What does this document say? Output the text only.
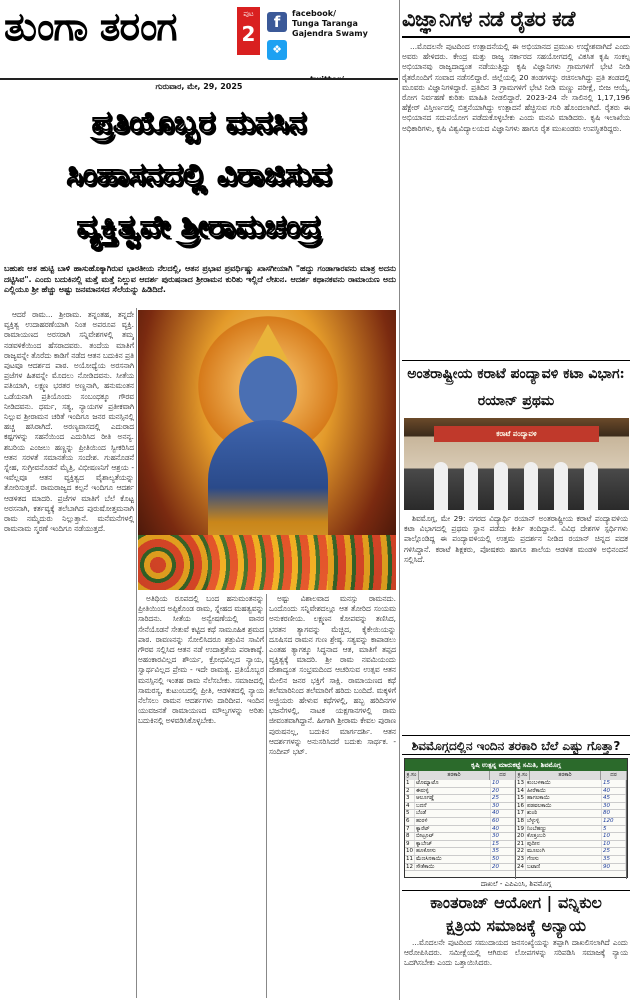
ತುಂಗಾ ತರಂಗ	ಪುಟ
2	f
❖
facebook/
Tunga Taranga Gajendra Swamy
ಗುರುವಾರ, ಮೇ, 29, 2025
ಪ್ರತಿಯೊಬ್ಬರ ಮನಸಿನ
ಸಿಂಹಾಸನದಲ್ಲಿ ವಿರಾಜಿಸುವ
ವ್ಯಕ್ತಿತ್ವವೇ ಶ್ರೀರಾಮಚಂದ್ರ
ಬಹುಶಃ ಆತ ಹುಟ್ಟಿ ಬಾಳಿ ಹಾಸುಹೊಕ್ಕಾಗಿರುವ ಭಾರತೀಯ ನೆಲದಲ್ಲಿ, ಆತನ ಪ್ರಭಾವ ಪ್ರವರ್ಧಿಷ್ಣು ಖಾಸಗೀಯಾಗಿ "ಹದ್ದು ಗಂಡಾಗಾರವನು ಮಾತ್ರ ಅದನು ದಟ್ಟಿಸಿವ". ಎಂದು ಬದುಕಿನಲ್ಲಿ ಮತ್ತೆ ಮತ್ತೆ ನಿಲ್ಲುವ ಆದರ್ಶ ಪುರುಷನಾದ ಶ್ರೀರಾಮನ ಕುರಿತು ಇಲ್ಲಿದೆ ಲೇಖನ. ಆದರ್ಶ ಕಥಾನಕವನು ರಾಮಾಯಣ ಅದು ಎಲ್ಲಿಯೂ ಶ್ರೀ ಹೆಚ್ಚು ಅಷ್ಟು ಜನಮಾನಸದ ಸೆಲೆಯನ್ನು ಹಿಡಿದಿದೆ.

ಆದರೆ ರಾಮ... ಶ್ರೀರಾಮ. ತನ್ನಂತಹ, ತನ್ನದೇ ವ್ಯಕ್ತಿತ್ವ ಉದಾಹರಣೆಯಾಗಿ ನಿಂತ ಅಪರೂಪ ವ್ಯಕ್ತಿ. ರಾಮಾಯಣದ ಅರಸರಾಗಿ ಸನ್ನಿವೇಶಗಳಲ್ಲಿ ತಮ್ಮ ನಡವಳಿಕೆಯಿಂದ ಹೆಸರಾದವರು. ತಂದೆಯ ಮಾತಿಗೆ ರಾಜ್ಯವನ್ನೇ ತೊರೆದು ಕಾಡಿಗೆ ನಡೆದ ಆತನ ಬದುಕಿನ ಪ್ರತಿ ಪುಟವೂ ಆದರ್ಶದ ಪಾಠ. ಅಯೋಧ್ಯೆಯ ಅರಸನಾಗಿ ಪ್ರಜೆಗಳ ಹಿತವನ್ನೇ ಮೊದಲು ನೋಡಿದವನು. ಸೀತೆಯ ಪತಿಯಾಗಿ, ಲಕ್ಷ್ಮಣ ಭರತರ ಅಣ್ಣನಾಗಿ, ಹನುಮಂತನ ಒಡೆಯನಾಗಿ ಪ್ರತಿಯೊಂದು ಸಂಬಂಧಕ್ಕೂ ಗೌರವ ನೀಡಿದವನು. ಧರ್ಮ, ಸತ್ಯ, ನ್ಯಾಯಗಳ ಪ್ರತೀಕವಾಗಿ ನಿಲ್ಲುವ ಶ್ರೀರಾಮನ ಚರಿತೆ ಇಂದಿಗೂ ಜನರ ಮನಸ್ಸಿನಲ್ಲಿ ಹಚ್ಚ ಹಸಿರಾಗಿದೆ. ಅರಣ್ಯವಾಸದಲ್ಲಿ ಎದುರಾದ ಕಷ್ಟಗಳನ್ನು ಸಹನೆಯಿಂದ ಎದುರಿಸಿದ ರೀತಿ ಅನನ್ಯ. ಶಬರಿಯ ಎಂಜಲು ಹಣ್ಣನ್ನು ಪ್ರೀತಿಯಿಂದ ಸ್ವೀಕರಿಸಿದ ಆತನ ಸರಳತೆ ಸಮಾನತೆಯ ಸಂದೇಶ. ಗುಹನೊಡನೆ ಸ್ನೇಹ, ಸುಗ್ರೀವನೊಡನೆ ಮೈತ್ರಿ, ವಿಭೀಷಣನಿಗೆ ಆಶ್ರಯ - ಇವೆಲ್ಲವೂ ಆತನ ವ್ಯಕ್ತಿತ್ವದ ವೈಶಾಲ್ಯತೆಯನ್ನು ತೋರಿಸುತ್ತವೆ. ರಾಮರಾಜ್ಯದ ಕಲ್ಪನೆ ಇಂದಿಗೂ ಆದರ್ಶ ಆಡಳಿತದ ಮಾದರಿ. ಪ್ರಜೆಗಳ ಮಾತಿಗೆ ಬೆಲೆ ಕೊಟ್ಟ ಅರಸನಾಗಿ, ಕರ್ತವ್ಯಕ್ಕೆ ತಲೆಬಾಗಿದ ಪುರುಷೋತ್ತಮನಾಗಿ ರಾಮ ನಮ್ಮೆದುರು ನಿಲ್ಲುತ್ತಾನೆ. ಮನೆಮನೆಗಳಲ್ಲಿ ರಾಮನಾಮ ಸ್ಮರಣೆ ಇಂದಿಗೂ ನಡೆಯುತ್ತದೆ.

ಅತಿಥಿಯ ರೂಪದಲ್ಲಿ ಬಂದ ಹನುಮಂತನನ್ನು ಪ್ರೀತಿಯಿಂದ ಅಪ್ಪಿಕೊಂಡ ರಾಮ, ಸ್ನೇಹದ ಮಹತ್ವವನ್ನು ಸಾರಿದನು. ಸೀತೆಯ ಅನ್ವೇಷಣೆಯಲ್ಲಿ ವಾನರ ಸೇನೆಯೊಡನೆ ಸೇತುವೆ ಕಟ್ಟಿದ ಕಥೆ ಸಾಮೂಹಿಕ ಶ್ರಮದ ಪಾಠ. ರಾವಣನನ್ನು ಸೋಲಿಸಿದರೂ ಶತ್ರುವಿನ ಸಾವಿಗೆ ಗೌರವ ಸಲ್ಲಿಸಿದ ಆತನ ನಡೆ ಉದಾತ್ತತೆಯ ಪರಾಕಾಷ್ಠೆ. ಅಹಂಕಾರವಿಲ್ಲದ ಶೌರ್ಯ, ಕ್ರೋಧವಿಲ್ಲದ ನ್ಯಾಯ, ಸ್ವಾರ್ಥವಿಲ್ಲದ ಪ್ರೇಮ - ಇದೇ ರಾಮತ್ವ. ಪ್ರತಿಯೊಬ್ಬರ ಮನಸ್ಸಿನಲ್ಲಿ ಇಂತಹ ರಾಮ ನೆಲೆಸಬೇಕು. ಸಮಾಜದಲ್ಲಿ ಸಾಮರಸ್ಯ, ಕುಟುಂಬದಲ್ಲಿ ಪ್ರೀತಿ, ಆಡಳಿತದಲ್ಲಿ ನ್ಯಾಯ ನೆಲೆಸಲು ರಾಮನ ಆದರ್ಶಗಳು ದಾರಿದೀಪ. ಇಂದಿನ ಯುವಜನತೆ ರಾಮಾಯಣದ ಮೌಲ್ಯಗಳನ್ನು ಅರಿತು ಬದುಕಿನಲ್ಲಿ ಅಳವಡಿಸಿಕೊಳ್ಳಬೇಕು.

ಅಷ್ಟು ವಿಶಾಲವಾದ ಮನಸ್ಸು ರಾಮನದು. ಒಂದೊಂದು ಸನ್ನಿವೇಶದಲ್ಲೂ ಆತ ತೋರಿದ ಸಂಯಮ ಅನುಕರಣೀಯ. ಲಕ್ಷ್ಮಣನ ಕೋಪವನ್ನು ತಣಿಸಿದ, ಭರತನ ತ್ಯಾಗವನ್ನು ಮೆಚ್ಚಿದ, ಕೈಕೇಯಿಯನ್ನು ದೂಷಿಸದ ರಾಮನ ಗುಣ ಶ್ರೇಷ್ಠ. ಸತ್ಯವನ್ನು ಕಾಪಾಡಲು ಎಂತಹ ತ್ಯಾಗಕ್ಕೂ ಸಿದ್ಧನಾದ ಆತ, ಮಾತಿಗೆ ತಪ್ಪದ ವ್ಯಕ್ತಿತ್ವಕ್ಕೆ ಮಾದರಿ. ಶ್ರೀ ರಾಮ ನವಮಿಯಂದು ದೇಶಾದ್ಯಂತ ಸಂಭ್ರಮದಿಂದ ಆಚರಿಸುವ ಉತ್ಸವ ಆತನ ಮೇಲಿನ ಜನರ ಭಕ್ತಿಗೆ ಸಾಕ್ಷಿ. ರಾಮಾಯಣದ ಕಥೆ ತಲೆಮಾರಿನಿಂದ ತಲೆಮಾರಿಗೆ ಹರಿದು ಬಂದಿದೆ. ಮಕ್ಕಳಿಗೆ ಅಜ್ಜಿಯರು ಹೇಳುವ ಕಥೆಗಳಲ್ಲಿ, ಹಬ್ಬ ಹರಿದಿನಗಳ ಭಜನೆಗಳಲ್ಲಿ, ನಾಟಕ ಯಕ್ಷಗಾನಗಳಲ್ಲಿ ರಾಮ ಜೀವಂತವಾಗಿದ್ದಾನೆ. ಹೀಗಾಗಿ ಶ್ರೀರಾಮ ಕೇವಲ ಪುರಾಣ ಪುರುಷನಲ್ಲ, ಬದುಕಿನ ಮಾರ್ಗದರ್ಶಿ. ಆತನ ಆದರ್ಶಗಳನ್ನು ಅನುಸರಿಸಿದರೆ ಬದುಕು ಸಾರ್ಥಕ. - ಸಂದೀಪ್ ಭಟ್.

ವಿಜ್ಞಾನಿಗಳ ನಡೆ ರೈತರ ಕಡೆ

...ಮೊದಲನೇ ಪುಟದಿಂದ ಉತ್ಪಾದನೆಯಲ್ಲಿ ಈ ಅಭಿಯಾನದ ಪ್ರಮುಖ ಉದ್ದೇಶವಾಗಿದೆ ಎಂದು ಅವರು ಹೇಳಿದರು. ಕೇಂದ್ರ ಮತ್ತು ರಾಜ್ಯ ಸರ್ಕಾರದ ಸಹಯೋಗದಲ್ಲಿ ವಿಕಸಿತ ಕೃಷಿ ಸಂಕಲ್ಪ ಅಭಿಯಾನವು ರಾಜ್ಯದಾದ್ಯಂತ ನಡೆಯುತ್ತಿದ್ದು ಕೃಷಿ ವಿಜ್ಞಾನಿಗಳು ಗ್ರಾಮಗಳಿಗೆ ಭೇಟಿ ನೀಡಿ ರೈತರೊಂದಿಗೆ ಸಂವಾದ ನಡೆಸಲಿದ್ದಾರೆ. ಜಿಲ್ಲೆಯಲ್ಲಿ 20 ತಂಡಗಳನ್ನು ರಚಿಸಲಾಗಿದ್ದು ಪ್ರತಿ ತಂಡದಲ್ಲಿ ಮೂವರು ವಿಜ್ಞಾನಿಗಳಿದ್ದಾರೆ. ಪ್ರತಿದಿನ 3 ಗ್ರಾಮಗಳಿಗೆ ಭೇಟಿ ನೀಡಿ ಮಣ್ಣು ಪರೀಕ್ಷೆ, ಬೀಜ ಆಯ್ಕೆ, ರೋಗ ನಿರ್ವಹಣೆ ಕುರಿತು ಮಾಹಿತಿ ನೀಡಲಿದ್ದಾರೆ. 2023-24 ನೇ ಸಾಲಿನಲ್ಲಿ 1,17,196 ಹೆಕ್ಟೇರ್ ವಿಸ್ತೀರ್ಣದಲ್ಲಿ ಬಿತ್ತನೆಯಾಗಿದ್ದು ಉತ್ಪಾದನೆ ಹೆಚ್ಚಿಸುವ ಗುರಿ ಹೊಂದಲಾಗಿದೆ. ರೈತರು ಈ ಅಭಿಯಾನದ ಸದುಪಯೋಗ ಪಡೆದುಕೊಳ್ಳಬೇಕು ಎಂದು ಮನವಿ ಮಾಡಿದರು. ಕೃಷಿ ಇಲಾಖೆಯ ಅಧಿಕಾರಿಗಳು, ಕೃಷಿ ವಿಶ್ವವಿದ್ಯಾಲಯದ ವಿಜ್ಞಾನಿಗಳು ಹಾಗೂ ರೈತ ಮುಖಂಡರು ಉಪಸ್ಥಿತರಿದ್ದರು.

ಅಂತರಾಷ್ಟ್ರೀಯ ಕರಾಟೆ ಪಂದ್ಯಾವಳಿ ಕಟಾ ವಿಭಾಗ: ರಯಾನ್ ಪ್ರಥಮ
ಕರಾಟೆ ಪಂದ್ಯಾವಳಿ

ಶಿವಮೊಗ್ಗ, ಮೇ 29: ನಗರದ ವಿದ್ಯಾರ್ಥಿ ರಯಾನ್ ಅಂತರಾಷ್ಟ್ರೀಯ ಕರಾಟೆ ಪಂದ್ಯಾವಳಿಯ ಕಟಾ ವಿಭಾಗದಲ್ಲಿ ಪ್ರಥಮ ಸ್ಥಾನ ಪಡೆದು ಕೀರ್ತಿ ತಂದಿದ್ದಾನೆ. ವಿವಿಧ ದೇಶಗಳ ಸ್ಪರ್ಧಿಗಳು ಪಾಲ್ಗೊಂಡಿದ್ದ ಈ ಪಂದ್ಯಾವಳಿಯಲ್ಲಿ ಉತ್ತಮ ಪ್ರದರ್ಶನ ನೀಡಿದ ರಯಾನ್ ಚಿನ್ನದ ಪದಕ ಗಳಿಸಿದ್ದಾನೆ. ಕರಾಟೆ ಶಿಕ್ಷಕರು, ಪೋಷಕರು ಹಾಗೂ ಶಾಲೆಯ ಆಡಳಿತ ಮಂಡಳಿ ಅಭಿನಂದನೆ ಸಲ್ಲಿಸಿದೆ.

ಶಿವಮೊಗ್ಗದಲ್ಲಿನ ಇಂದಿನ ತರಕಾರಿ ಬೆಲೆ ಎಷ್ಟು ಗೊತ್ತಾ?
ಕೃಷಿ ಉತ್ಪನ್ನ ಮಾರುಕಟ್ಟೆ ಸಮಿತಿ, ಶಿವಮೊಗ್ಗ
ಕ್ರ.ಸಂ	ತರಕಾರಿ	ದರ	ಕ್ರ.ಸಂ	ತರಕಾರಿ	ದರ
1	ಟೊಮ್ಯಾಟೊ	10
2	ಈರುಳ್ಳಿ	20
3	ಆಲೂಗಡ್ಡೆ	25
4	ಬದನೆ	30
5	ಬೆಂಡೆ	40
6	ಹುರಳಿ	60
7	ಕ್ಯಾರೆಟ್	40
8	ಬೀಟ್ರೂಟ್	30
9	ಕ್ಯಾಬೇಜ್	15
10 ಹೂಕೋಸು	35
11 ಮೆಣಸಿನಕಾಯಿ	50
12 ಸೌತೆಕಾಯಿ	20
13 ಕುಂಬಳಕಾಯಿ	15
14 ಹೀರೆಕಾಯಿ	40
15 ಹಾಗಲಕಾಯಿ	45
16 ಪಡವಲಕಾಯಿ	30
17 ಶುಂಠಿ	80
18 ಬೆಳ್ಳುಳ್ಳಿ	120
19 ನಿಂಬೆಹಣ್ಣು	5
20 ಕೊತ್ತಂಬರಿ	10
21 ಪುದೀನ	10
22 ಮೂಲಂಗಿ	25
23 ಗೆಣಸು	35
24 ಬಟಾಣಿ	90
ದಾಖಲೆ - ಎಪಿಎಂಸಿ, ಶಿವಮೊಗ್ಗ
ಕಾಂತರಾಜ್ ಆಯೋಗ | ವನ್ನಿಕುಲ
ಕ್ಷತ್ರಿಯ ಸಮಾಜಕ್ಕೆ ಅನ್ಯಾಯ

...ಮೊದಲನೇ ಪುಟದಿಂದ ಸಮುದಾಯದ ಜನಸಂಖ್ಯೆಯನ್ನು ತಪ್ಪಾಗಿ ದಾಖಲಿಸಲಾಗಿದೆ ಎಂದು ಆರೋಪಿಸಿದರು. ಸಮೀಕ್ಷೆಯಲ್ಲಿ ಆಗಿರುವ ಲೋಪಗಳನ್ನು ಸರಿಪಡಿಸಿ ಸಮಾಜಕ್ಕೆ ನ್ಯಾಯ ಒದಗಿಸಬೇಕು ಎಂದು ಒತ್ತಾಯಿಸಿದರು.
